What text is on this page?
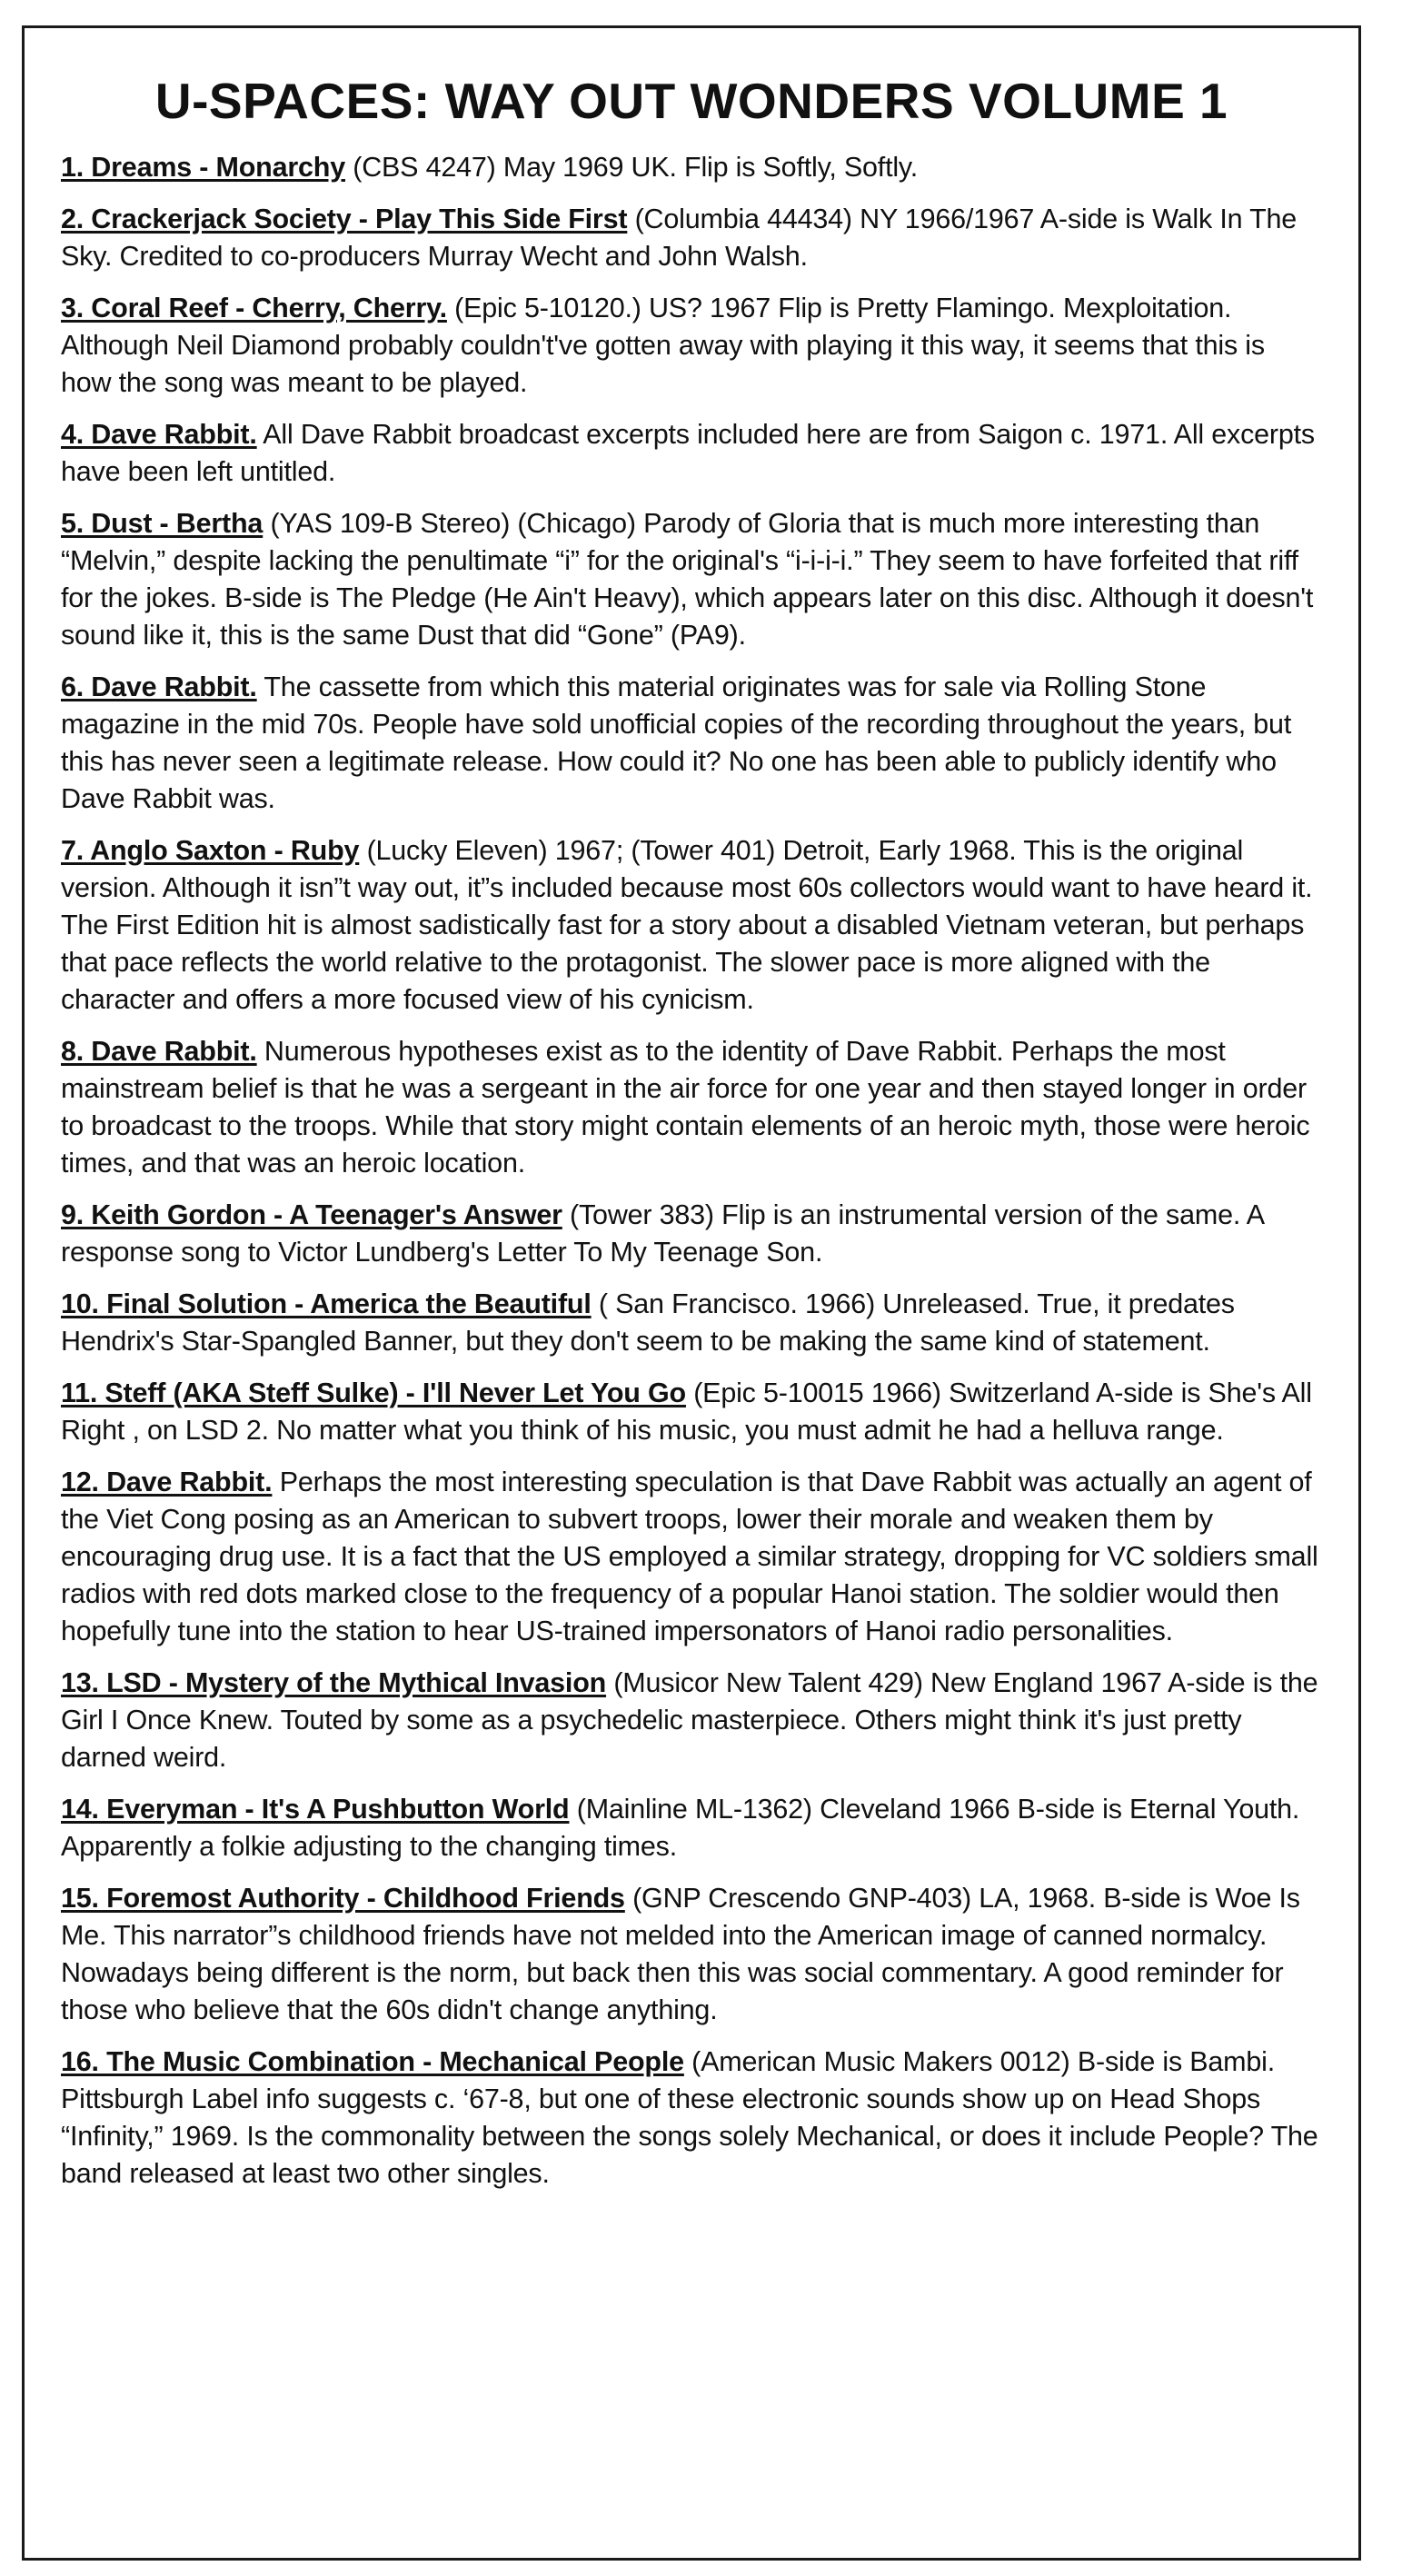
U-SPACES: WAY OUT WONDERS VOLUME 1
1. Dreams - Monarchy (CBS 4247) May 1969 UK. Flip is Softly, Softly.
2. Crackerjack Society - Play This Side First (Columbia 44434) NY 1966/1967 A-side is Walk In The Sky. Credited to co-producers Murray Wecht and John Walsh.
3. Coral Reef - Cherry, Cherry. (Epic 5-10120.) US? 1967 Flip is Pretty Flamingo. Mexploitation. Although Neil Diamond probably couldn't've gotten away with playing it this way, it seems that this is how the song was meant to be played.
4. Dave Rabbit. All Dave Rabbit broadcast excerpts included here are from Saigon c. 1971. All excerpts have been left untitled.
5. Dust - Bertha (YAS 109-B Stereo) (Chicago) Parody of Gloria that is much more interesting than “Melvin,” despite lacking the penultimate “i” for the original's “i-i-i-i.” They seem to have forfeited that riff for the jokes. B-side is The Pledge (He Ain't Heavy), which appears later on this disc. Although it doesn't sound like it, this is the same Dust that did “Gone” (PA9).
6. Dave Rabbit. The cassette from which this material originates was for sale via Rolling Stone magazine in the mid 70s. People have sold unofficial copies of the recording throughout the years, but this has never seen a legitimate release. How could it? No one has been able to publicly identify who Dave Rabbit was.
7. Anglo Saxton - Ruby (Lucky Eleven) 1967; (Tower 401) Detroit, Early 1968. This is the original version. Although it isn”t way out, it”s included because most 60s collectors would want to have heard it. The First Edition hit is almost sadistically fast for a story about a disabled Vietnam veteran, but perhaps that pace reflects the world relative to the protagonist. The slower pace is more aligned with the character and offers a more focused view of his cynicism.
8. Dave Rabbit. Numerous hypotheses exist as to the identity of Dave Rabbit. Perhaps the most mainstream belief is that he was a sergeant in the air force for one year and then stayed longer in order to broadcast to the troops. While that story might contain elements of an heroic myth, those were heroic times, and that was an heroic location.
9. Keith Gordon - A Teenager's Answer (Tower 383) Flip is an instrumental version of the same. A response song to Victor Lundberg's Letter To My Teenage Son.
10. Final Solution - America the Beautiful ( San Francisco. 1966) Unreleased. True, it predates Hendrix's Star-Spangled Banner, but they don't seem to be making the same kind of statement.
11. Steff (AKA Steff Sulke) - I'll Never Let You Go (Epic 5-10015 1966) Switzerland A-side is She's All Right , on LSD 2. No matter what you think of his music, you must admit he had a helluva range.
12. Dave Rabbit. Perhaps the most interesting speculation is that Dave Rabbit was actually an agent of the Viet Cong posing as an American to subvert troops, lower their morale and weaken them by encouraging drug use. It is a fact that the US employed a similar strategy, dropping for VC soldiers small radios with red dots marked close to the frequency of a popular Hanoi station. The soldier would then hopefully tune into the station to hear US-trained impersonators of Hanoi radio personalities.
13. LSD - Mystery of the Mythical Invasion (Musicor New Talent 429) New England 1967 A-side is the Girl I Once Knew. Touted by some as a psychedelic masterpiece. Others might think it's just pretty darned weird.
14. Everyman - It's A Pushbutton World (Mainline ML-1362) Cleveland 1966 B-side is Eternal Youth. Apparently a folkie adjusting to the changing times.
15. Foremost Authority - Childhood Friends (GNP Crescendo GNP-403) LA, 1968. B-side is Woe Is Me. This narrator”s childhood friends have not melded into the American image of canned normalcy. Nowadays being different is the norm, but back then this was social commentary. A good reminder for those who believe that the 60s didn't change anything.
16. The Music Combination - Mechanical People (American Music Makers 0012) B-side is Bambi. Pittsburgh Label info suggests c. ‘67-8, but one of these electronic sounds show up on Head Shops “Infinity,” 1969. Is the commonality between the songs solely Mechanical, or does it include People? The band released at least two other singles.
